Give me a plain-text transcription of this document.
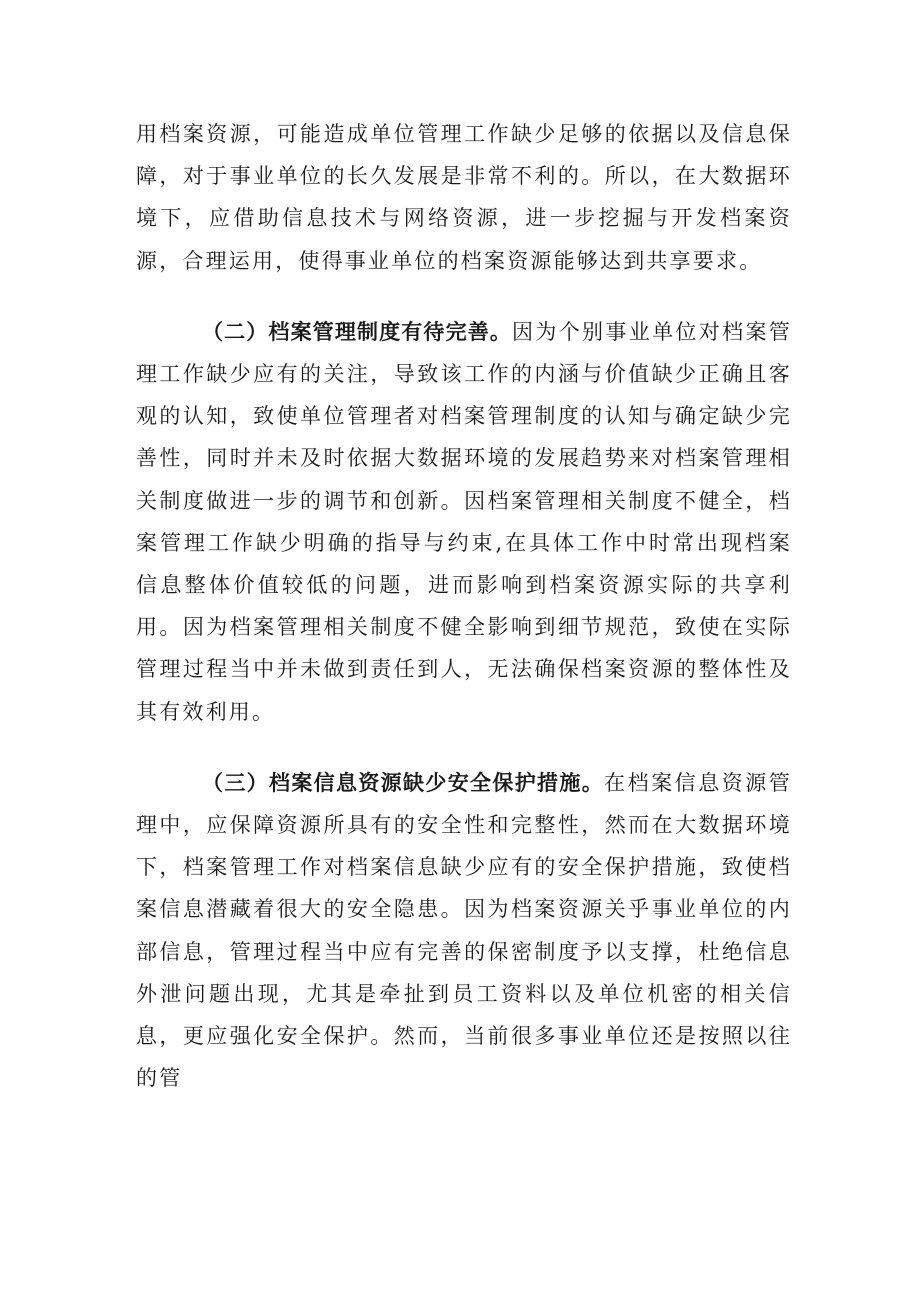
用档案资源，可能造成单位管理工作缺少足够的依据以及信息保障，对于事业单位的长久发展是非常不利的。所以，在大数据环境下，应借助信息技术与网络资源，进一步挖掘与开发档案资源，合理运用，使得事业单位的档案资源能够达到共享要求。

（二）档案管理制度有待完善。因为个别事业单位对档案管理工作缺少应有的关注，导致该工作的内涵与价值缺少正确且客观的认知，致使单位管理者对档案管理制度的认知与确定缺少完善性，同时并未及时依据大数据环境的发展趋势来对档案管理相关制度做进一步的调节和创新。因档案管理相关制度不健全，档案管理工作缺少明确的指导与约束,在具体工作中时常出现档案信息整体价值较低的问题，进而影响到档案资源实际的共享利用。因为档案管理相关制度不健全影响到细节规范，致使在实际管理过程当中并未做到责任到人，无法确保档案资源的整体性及其有效利用。

（三）档案信息资源缺少安全保护措施。在档案信息资源管理中，应保障资源所具有的安全性和完整性，然而在大数据环境下，档案管理工作对档案信息缺少应有的安全保护措施，致使档案信息潜藏着很大的安全隐患。因为档案资源关乎事业单位的内部信息，管理过程当中应有完善的保密制度予以支撑，杜绝信息外泄问题出现，尤其是牵扯到员工资料以及单位机密的相关信息，更应强化安全保护。然而，当前很多事业单位还是按照以往的管
